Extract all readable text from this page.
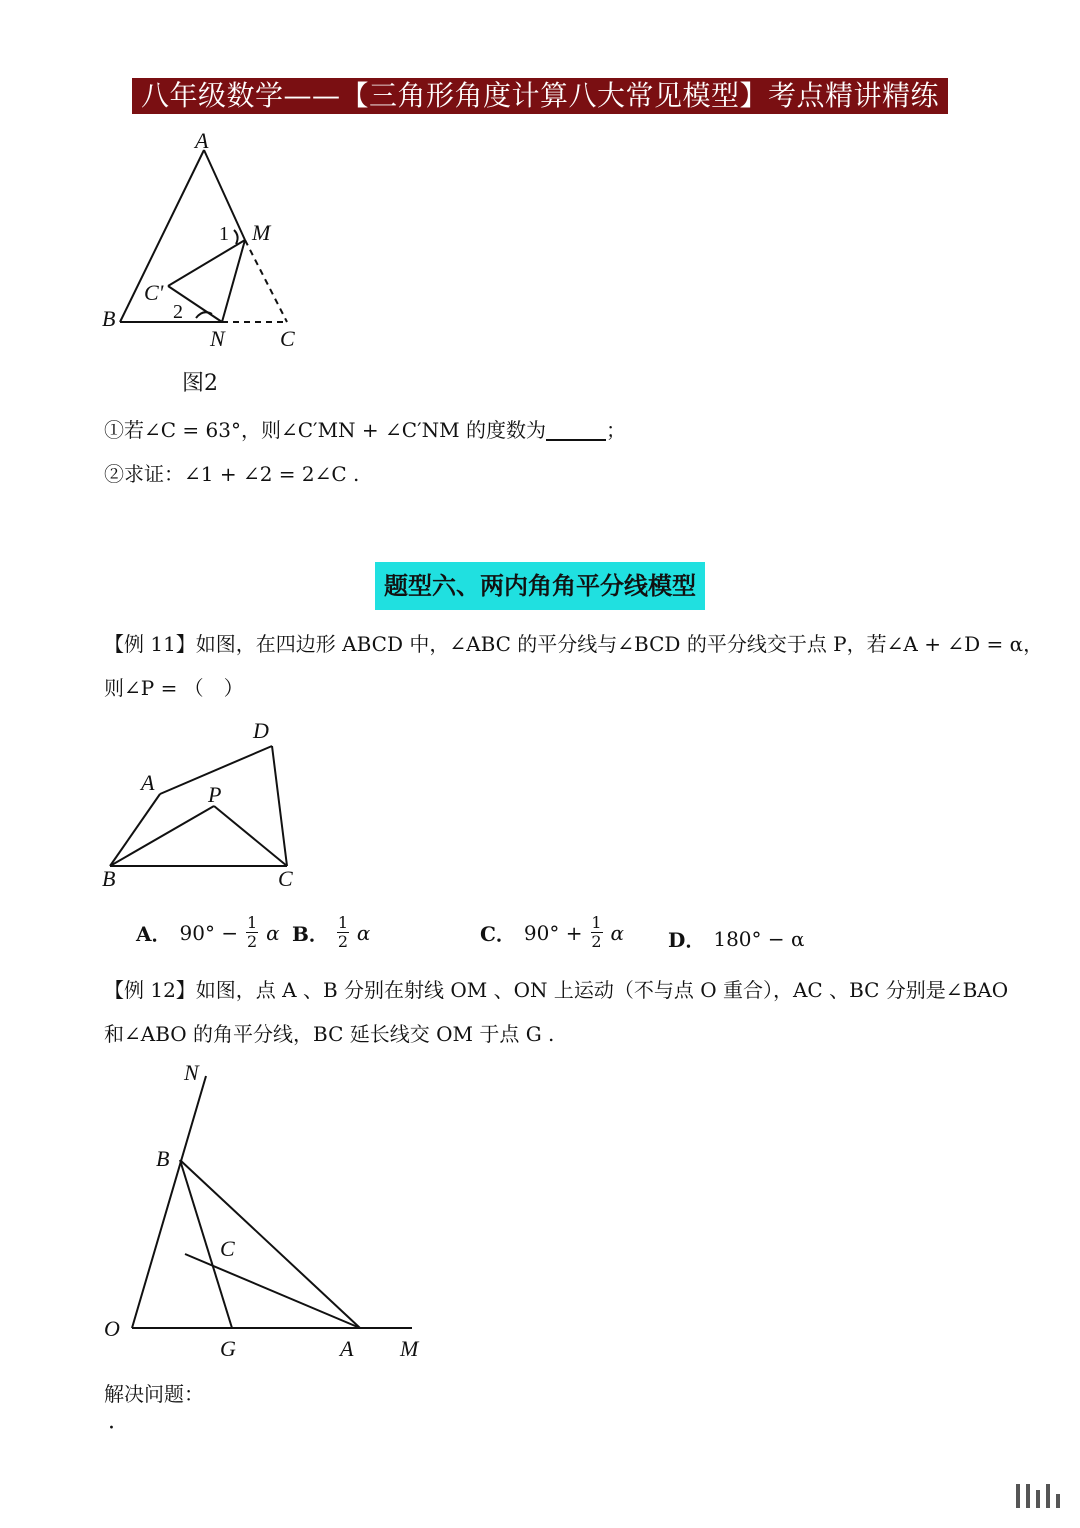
八年级数学——【三角形角度计算八大常见模型】考点精讲精练
A
B
C
M
N
C'
1
2
图2
①若∠C = 63°，则∠C′MN + ∠C′NM 的度数为	；
②求证：∠1 + ∠2 = 2∠C .
题型六、两内角角平分线模型
【例 11】如图，在四边形 ABCD 中，∠ABC 的平分线与∠BCD 的平分线交于点 P，若∠A + ∠D = α，
则∠P = （　）
A
B	C
D
P
A． $90^\circ - \frac{1}{2}$ α B． $\frac{1}{2}$ α	C． $90^\circ + \frac{1}{2}$ α D． 180° − α
【例 12】如图，点 A 、B 分别在射线 OM 、ON 上运动（不与点 O 重合），AC 、BC 分别是∠BAO
和∠ABO 的角平分线，BC 延长线交 OM 于点 G .
N
B
C
O
G	A M
解决问题：
·
